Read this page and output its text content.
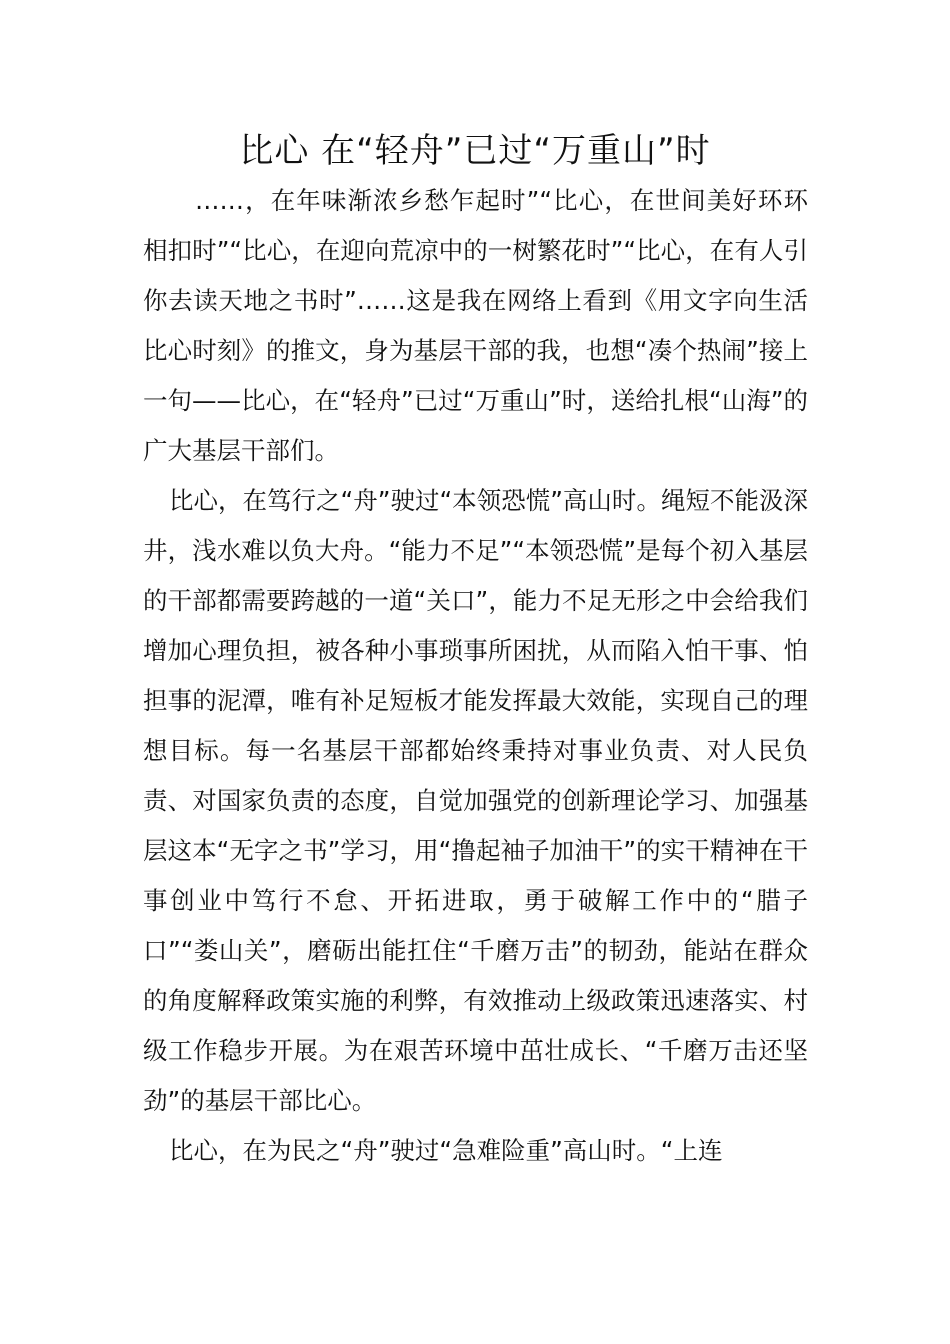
比心 在“轻舟”已过“万重山”时

……，在年味渐浓乡愁乍起时”“比心，在世间美好环环相扣时”“比心，在迎向荒凉中的一树繁花时”“比心，在有人引你去读天地之书时”……这是我在网络上看到《用文字向生活比心时刻》的推文，身为基层干部的我，也想“凑个热闹”接上一句——比心，在“轻舟”已过“万重山”时，送给扎根“山海”的广大基层干部们。

比心，在笃行之“舟”驶过“本领恐慌”高山时。绳短不能汲深井，浅水难以负大舟。“能力不足”“本领恐慌”是每个初入基层的干部都需要跨越的一道“关口”，能力不足无形之中会给我们增加心理负担，被各种小事琐事所困扰，从而陷入怕干事、怕担事的泥潭，唯有补足短板才能发挥最大效能，实现自己的理想目标。每一名基层干部都始终秉持对事业负责、对人民负责、对国家负责的态度，自觉加强党的创新理论学习、加强基层这本“无字之书”学习，用“撸起袖子加油干”的实干精神在干事创业中笃行不怠、开拓进取，勇于破解工作中的“腊子口”“娄山关”，磨砺出能扛住“千磨万击”的韧劲，能站在群众的角度解释政策实施的利弊，有效推动上级政策迅速落实、村级工作稳步开展。为在艰苦环境中茁壮成长、“千磨万击还坚劲”的基层干部比心。

比心，在为民之“舟”驶过“急难险重”高山时。“上连
